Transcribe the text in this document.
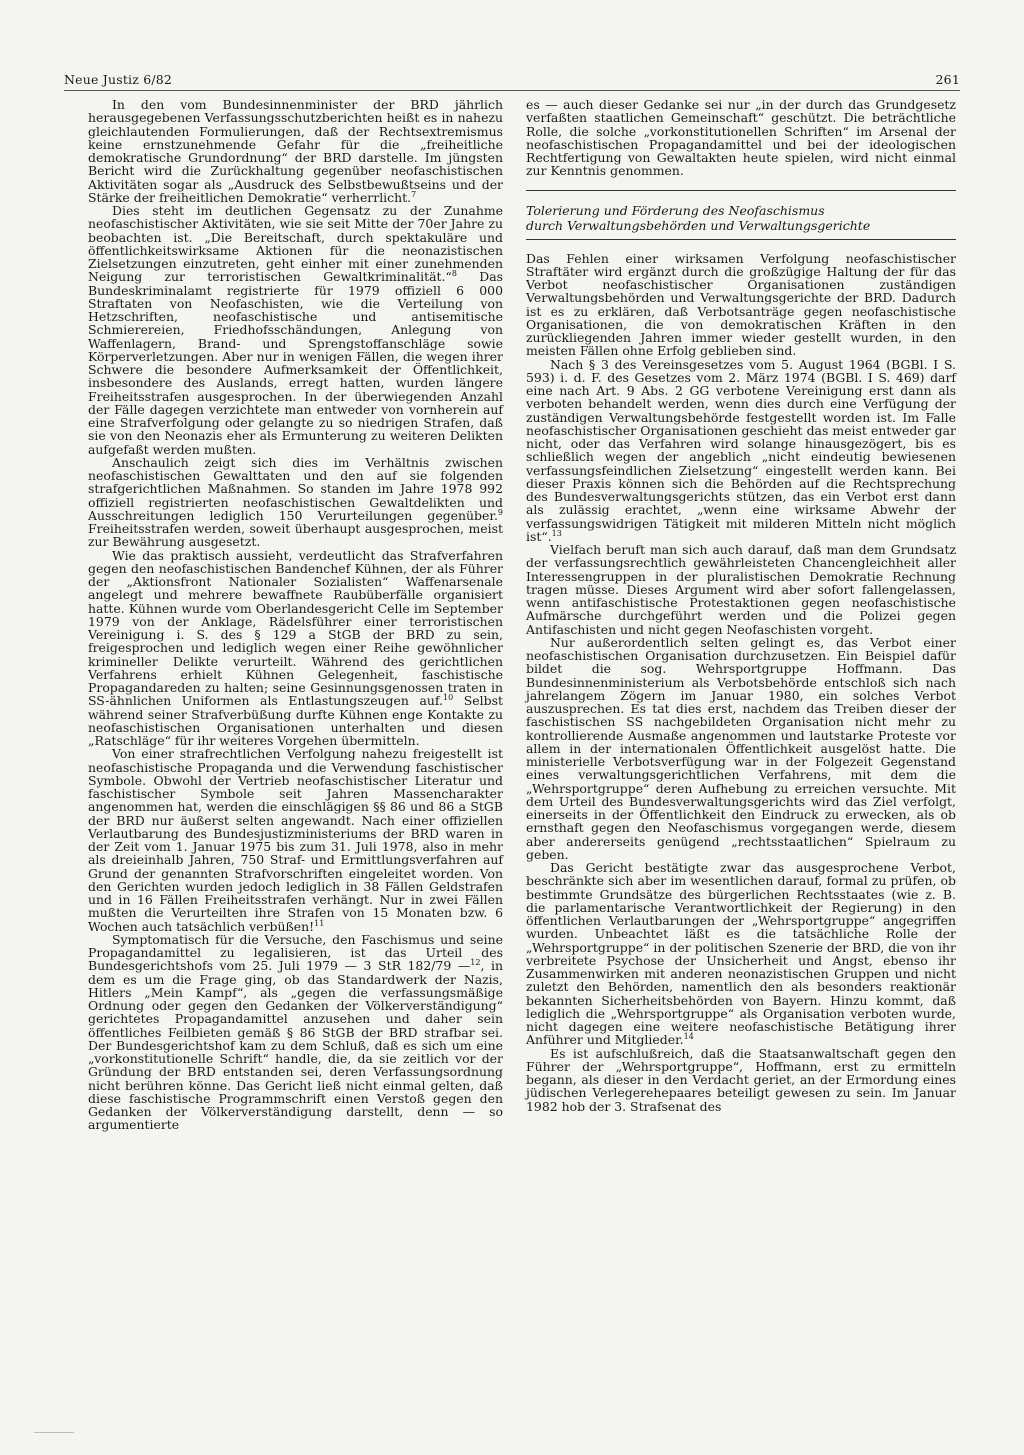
Neue Justiz 6/82	261

In den vom Bundesinnenminister der BRD jährlich herausgegebenen Verfassungsschutzberichten heißt es in nahezu gleichlautenden Formulierungen, daß der Rechtsextremismus keine ernstzunehmende Gefahr für die „freiheitliche demokratische Grundordnung“ der BRD darstelle. Im jüngsten Bericht wird die Zurückhaltung gegenüber neofaschistischen Aktivitäten sogar als „Ausdruck des Selbstbewußtseins und der Stärke der freiheitlichen Demokratie“ verherrlicht.$^7$

Dies steht im deutlichen Gegensatz zu der Zunahme neofaschistischer Aktivitäten, wie sie seit Mitte der 70er Jahre zu beobachten ist. „Die Bereitschaft, durch spektakuläre und öffentlichkeitswirksame Aktionen für die neonazistischen Zielsetzungen einzutreten, geht einher mit einer zunehmenden Neigung zur terroristischen Gewaltkriminalität.“$^8$ Das Bundeskriminalamt registrierte für 1979 offiziell 6 000 Straftaten von Neofaschisten, wie die Verteilung von Hetzschriften, neofaschistische und antisemitische Schmierereien, Friedhofsschändungen, Anlegung von Waffenlagern, Brand- und Sprengstoffanschläge sowie Körperverletzungen. Aber nur in wenigen Fällen, die wegen ihrer Schwere die besondere Aufmerksamkeit der Öffentlichkeit, insbesondere des Auslands, erregt hatten, wurden längere Freiheitsstrafen ausgesprochen. In der überwiegenden Anzahl der Fälle dagegen verzichtete man entweder von vornherein auf eine Strafverfolgung oder gelangte zu so niedrigen Strafen, daß sie von den Neonazis eher als Ermunterung zu weiteren Delikten aufgefaßt werden mußten.

Anschaulich zeigt sich dies im Verhältnis zwischen neofaschistischen Gewalttaten und den auf sie folgenden strafgerichtlichen Maßnahmen. So standen im Jahre 1978 992 offiziell registrierten neofaschistischen Gewaltdelikten und Ausschreitungen lediglich 150 Verurteilungen gegenüber.$^9$ Freiheitsstrafen werden, soweit überhaupt ausgesprochen, meist zur Bewährung ausgesetzt.

Wie das praktisch aussieht, verdeutlicht das Strafverfahren gegen den neofaschistischen Bandenchef Kühnen, der als Führer der „Aktionsfront Nationaler Sozialisten“ Waffenarsenale angelegt und mehrere bewaffnete Raubüberfälle organisiert hatte. Kühnen wurde vom Oberlandesgericht Celle im September 1979 von der Anklage, Rädelsführer einer terroristischen Vereinigung i. S. des § 129 a StGB der BRD zu sein, freigesprochen und lediglich wegen einer Reihe gewöhnlicher krimineller Delikte verurteilt. Während des gerichtlichen Verfahrens erhielt Kühnen Gelegenheit, faschistische Propagandareden zu halten; seine Gesinnungsgenossen traten in SS-ähnlichen Uniformen als Entlastungszeugen auf.$^{10}$ Selbst während seiner Strafverbüßung durfte Kühnen enge Kontakte zu neofaschistischen Organisationen unterhalten und diesen „Ratschläge“ für ihr weiteres Vorgehen übermitteln.

Von einer strafrechtlichen Verfolgung nahezu freigestellt ist neofaschistische Propaganda und die Verwendung faschistischer Symbole. Obwohl der Vertrieb neofaschistischer Literatur und faschistischer Symbole seit Jahren Massencharakter angenommen hat, werden die einschlägigen §§ 86 und 86 a StGB der BRD nur äußerst selten angewandt. Nach einer offiziellen Verlautbarung des Bundesjustizministeriums der BRD waren in der Zeit vom 1. Januar 1975 bis zum 31. Juli 1978, also in mehr als dreieinhalb Jahren, 750 Straf- und Ermittlungsverfahren auf Grund der genannten Strafvorschriften eingeleitet worden. Von den Gerichten wurden jedoch lediglich in 38 Fällen Geldstrafen und in 16 Fällen Freiheitsstrafen verhängt. Nur in zwei Fällen mußten die Verurteilten ihre Strafen von 15 Monaten bzw. 6 Wochen auch tatsächlich verbüßen!$^{11}$

Symptomatisch für die Versuche, den Faschismus und seine Propagandamittel zu legalisieren, ist das Urteil des Bundesgerichtshofs vom 25. Juli 1979 — 3 StR 182/79 —$^{12}$, in dem es um die Frage ging, ob das Standardwerk der Nazis, Hitlers „Mein Kampf“, als „gegen die verfassungsmäßige Ordnung oder gegen den Gedanken der Völkerverständigung“ gerichtetes Propagandamittel anzusehen und daher sein öffentliches Feilbieten gemäß § 86 StGB der BRD strafbar sei. Der Bundesgerichtshof kam zu dem Schluß, daß es sich um eine „vorkonstitutionelle Schrift“ handle, die, da sie zeitlich vor der Gründung der BRD entstanden sei, deren Verfassungsordnung nicht berühren könne. Das Gericht ließ nicht einmal gelten, daß diese faschistische Programmschrift einen Verstoß gegen den Gedanken der Völkerverständigung darstellt, denn — so argumentierte

es — auch dieser Gedanke sei nur „in der durch das Grundgesetz verfaßten staatlichen Gemeinschaft“ geschützt. Die beträchtliche Rolle, die solche „vorkonstitutionellen Schriften“ im Arsenal der neofaschistischen Propagandamittel und bei der ideologischen Rechtfertigung von Gewaltakten heute spielen, wird nicht einmal zur Kenntnis genommen.

Tolerierung und Förderung des Neofaschismus
durch Verwaltungsbehörden und Verwaltungsgerichte

Das Fehlen einer wirksamen Verfolgung neofaschistischer Straftäter wird ergänzt durch die großzügige Haltung der für das Verbot neofaschistischer Organisationen zuständigen Verwaltungsbehörden und Verwaltungsgerichte der BRD. Dadurch ist es zu erklären, daß Verbotsanträge gegen neofaschistische Organisationen, die von demokratischen Kräften in den zurückliegenden Jahren immer wieder gestellt wurden, in den meisten Fällen ohne Erfolg geblieben sind.

Nach § 3 des Vereinsgesetzes vom 5. August 1964 (BGBl. I S. 593) i. d. F. des Gesetzes vom 2. März 1974 (BGBl. I S. 469) darf eine nach Art. 9 Abs. 2 GG verbotene Vereinigung erst dann als verboten behandelt werden, wenn dies durch eine Verfügung der zuständigen Verwaltungsbehörde festgestellt worden ist. Im Falle neofaschistischer Organisationen geschieht das meist entweder gar nicht, oder das Verfahren wird solange hinausgezögert, bis es schließlich wegen der angeblich „nicht eindeutig bewiesenen verfassungsfeindlichen Zielsetzung“ eingestellt werden kann. Bei dieser Praxis können sich die Behörden auf die Rechtsprechung des Bundesverwaltungsgerichts stützen, das ein Verbot erst dann als zulässig erachtet, „wenn eine wirksame Abwehr der verfassungswidrigen Tätigkeit mit milderen Mitteln nicht möglich ist“.$^{13}$

Vielfach beruft man sich auch darauf, daß man dem Grundsatz der verfassungsrechtlich gewährleisteten Chancengleichheit aller Interessengruppen in der pluralistischen Demokratie Rechnung tragen müsse. Dieses Argument wird aber sofort fallengelassen, wenn antifaschistische Protestaktionen gegen neofaschistische Aufmärsche durchgeführt werden und die Polizei gegen Antifaschisten und nicht gegen Neofaschisten vorgeht.

Nur außerordentlich selten gelingt es, das Verbot einer neofaschistischen Organisation durchzusetzen. Ein Beispiel dafür bildet die sog. Wehrsportgruppe Hoffmann. Das Bundesinnenministerium als Verbotsbehörde entschloß sich nach jahrelangem Zögern im Januar 1980, ein solches Verbot auszusprechen. Es tat dies erst, nachdem das Treiben dieser der faschistischen SS nachgebildeten Organisation nicht mehr zu kontrollierende Ausmaße angenommen und lautstarke Proteste vor allem in der internationalen Öffentlichkeit ausgelöst hatte. Die ministerielle Verbotsverfügung war in der Folgezeit Gegenstand eines verwaltungsgerichtlichen Verfahrens, mit dem die „Wehrsportgruppe“ deren Aufhebung zu erreichen versuchte. Mit dem Urteil des Bundesverwaltungsgerichts wird das Ziel verfolgt, einerseits in der Öffentlichkeit den Eindruck zu erwecken, als ob ernsthaft gegen den Neofaschismus vorgegangen werde, diesem aber andererseits genügend „rechtsstaatlichen“ Spielraum zu geben.

Das Gericht bestätigte zwar das ausgesprochene Verbot, beschränkte sich aber im wesentlichen darauf, formal zu prüfen, ob bestimmte Grundsätze des bürgerlichen Rechtsstaates (wie z. B. die parlamentarische Verantwortlichkeit der Regierung) in den öffentlichen Verlautbarungen der „Wehrsportgruppe“ angegriffen wurden. Unbeachtet läßt es die tatsächliche Rolle der „Wehrsportgruppe“ in der politischen Szenerie der BRD, die von ihr verbreitete Psychose der Unsicherheit und Angst, ebenso ihr Zusammenwirken mit anderen neonazistischen Gruppen und nicht zuletzt den Behörden, namentlich den als besonders reaktionär bekannten Sicherheitsbehörden von Bayern. Hinzu kommt, daß lediglich die „Wehrsportgruppe“ als Organisation verboten wurde, nicht dagegen eine weitere neofaschistische Betätigung ihrer Anführer und Mitglieder.$^{14}$

Es ist aufschlußreich, daß die Staatsanwaltschaft gegen den Führer der „Wehrsportgruppe“, Hoffmann, erst zu ermitteln begann, als dieser in den Verdacht geriet, an der Ermordung eines jüdischen Verlegerehepaares beteiligt gewesen zu sein. Im Januar 1982 hob der 3. Strafsenat des
